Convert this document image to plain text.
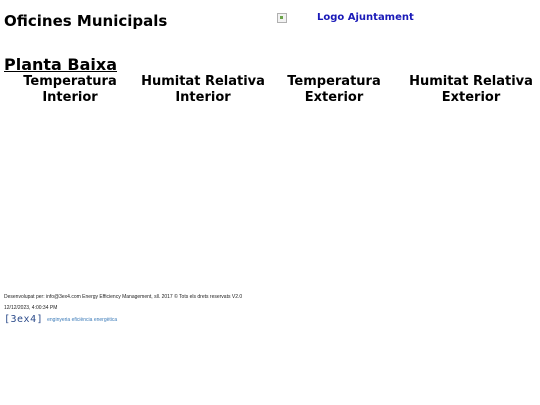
Oficines Municipals	Logo Ajuntament
Planta Baixa
Temperatura
Interior
Humitat Relativa
Interior
Temperatura
Exterior
Humitat Relativa
Exterior
Desenvolupat per: info@3ex4.com Energy Efficiency Management, sll. 2017 © Tots els drets reservats V2.0
12/12/2023, 4:00:34 PM
[3ex4] enginyeria eficiència energètica
